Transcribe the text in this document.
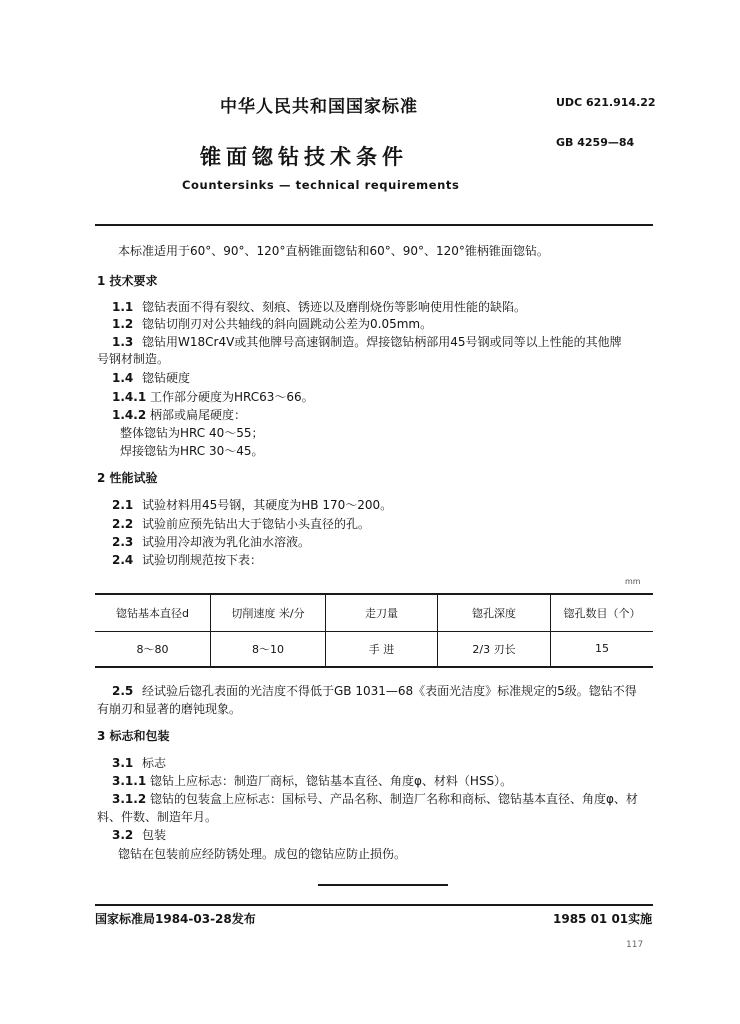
中华人民共和国国家标准	UDC 621.914.22
锥面锪钻技术条件
GB 4259—84
Countersinks — technical requirements
本标准适用于60°、90°、120°直柄锥面锪钻和60°、90°、120°锥柄锥面锪钻。
1 技术要求
1.1 锪钻表面不得有裂纹、刻痕、锈迹以及磨削烧伤等影响使用性能的缺陷。
1.2 锪钻切削刃对公共轴线的斜向圆跳动公差为0.05mm。
1.3 锪钻用W18Cr4V或其他牌号高速钢制造。焊接锪钻柄部用45号钢或同等以上性能的其他牌
号钢材制造。
1.4 锪钻硬度
1.4.1 工作部分硬度为HRC63～66。
1.4.2 柄部或扁尾硬度：
整体锪钻为HRC 40～55；
焊接锪钻为HRC 30～45。
2 性能试验
2.1 试验材料用45号钢，其硬度为HB 170～200。
2.2 试验前应预先钻出大于锪钻小头直径的孔。
2.3 试验用冷却液为乳化油水溶液。
2.4 试验切削规范按下表：
mm
锪钻基本直径d	切削速度 米/分	走刀量	锪孔深度	锪孔数目（个）
8～80	8～10	手 进	2/3 刃长	15
2.5 经试验后锪孔表面的光洁度不得低于GB 1031—68《表面光洁度》标准规定的5级。锪钻不得
有崩刃和显著的磨钝现象。
3 标志和包装
3.1 标志
3.1.1 锪钻上应标志：制造厂商标，锪钻基本直径、角度φ、材料（HSS）。
3.1.2 锪钻的包装盒上应标志：国标号、产品名称、制造厂名称和商标、锪钻基本直径、角度φ、材
料、件数、制造年月。
3.2 包装
锪钻在包装前应经防锈处理。成包的锪钻应防止损伤。
国家标准局1984-03-28发布	1985 01 01实施
117
